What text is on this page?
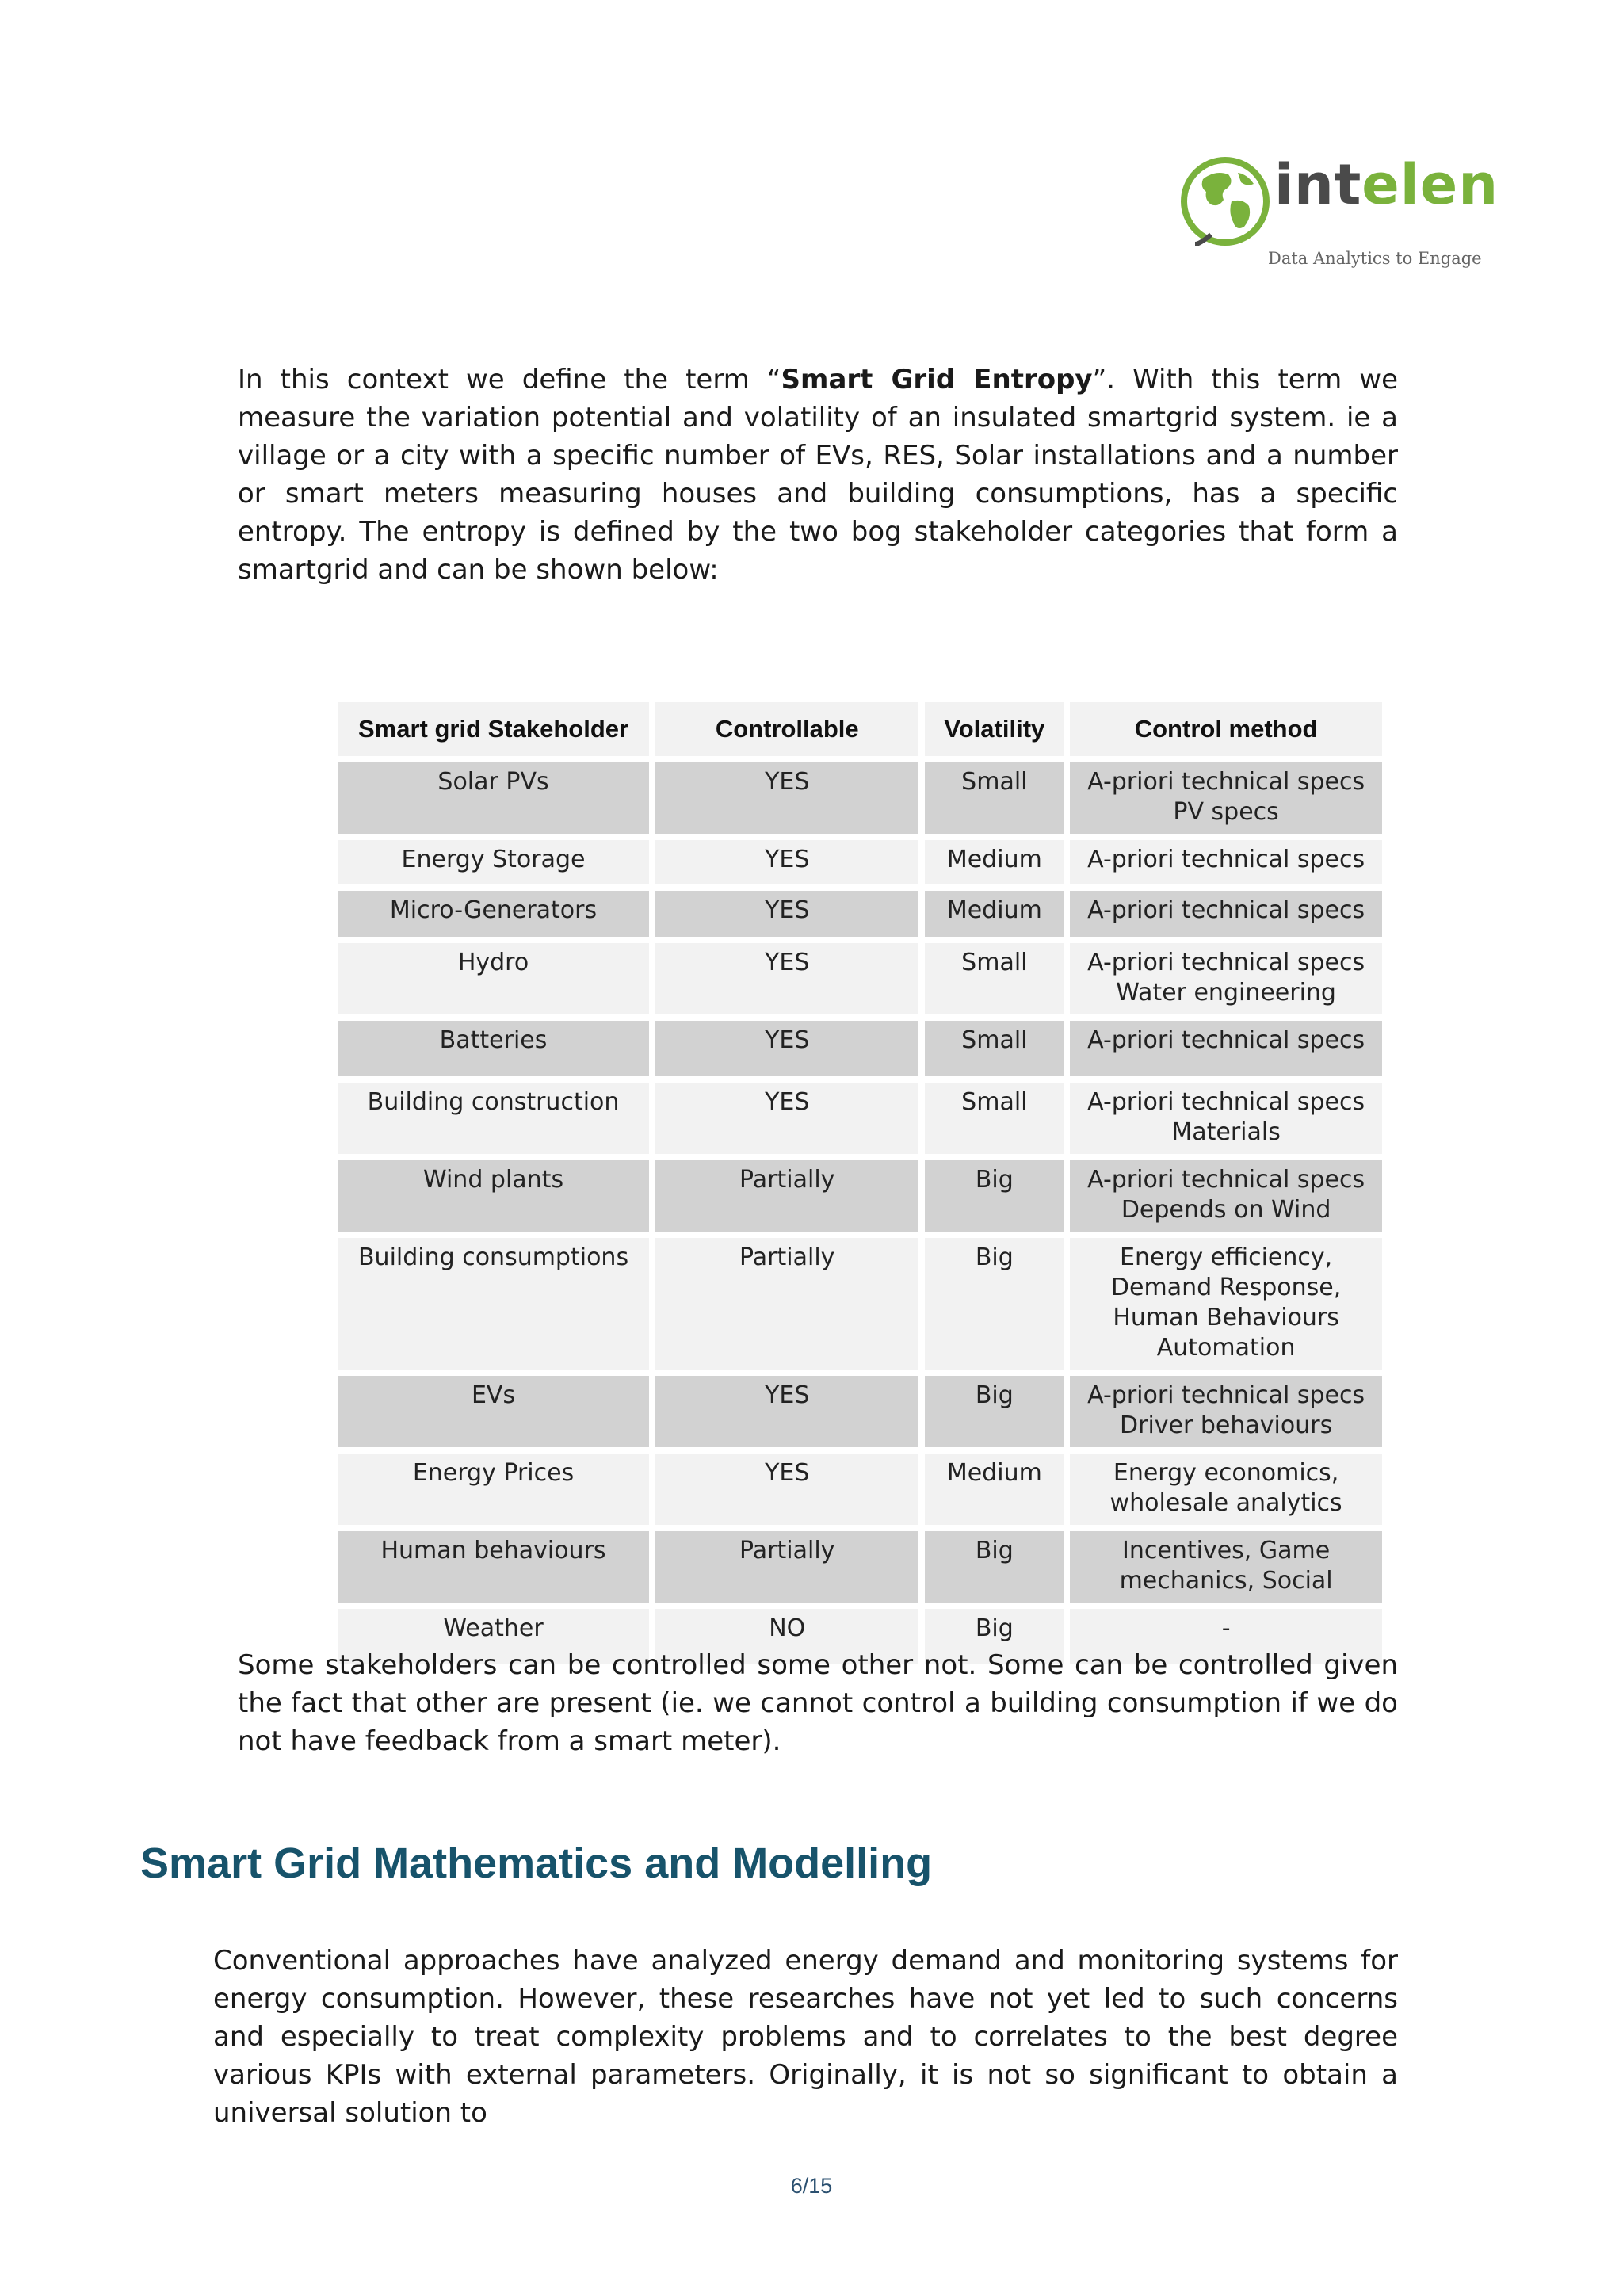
intelen
Data Analytics to Engage

In this context we define the term “Smart Grid Entropy”. With this term we measure the variation potential and volatility of an insulated smartgrid system. ie a village or a city with a specific number of EVs, RES, Solar installations and a number or smart meters measuring houses and building consumptions, has a specific entropy. The entropy is defined by the two bog stakeholder categories that form a smartgrid and can be shown below:

Smart grid Stakeholder	Controllable	Volatility	Control method
Solar PVs	YES	Small	A-priori technical specs
PV specs
Energy Storage	YES	Medium	A-priori technical specs
Micro-Generators	YES	Medium	A-priori technical specs
Hydro	YES	Small	A-priori technical specs
Water engineering
Batteries	YES	Small	A-priori technical specs
Building construction	YES	Small	A-priori technical specs
Materials
Wind plants	Partially	Big	A-priori technical specs
Depends on Wind
Building consumptions	Partially	Big	Energy efficiency,
Demand Response,
Human Behaviours
Automation
EVs	YES	Big	A-priori technical specs
Driver behaviours
Energy Prices	YES	Medium	Energy economics,
wholesale analytics
Human behaviours	Partially	Big	Incentives, Game
mechanics, Social
Weather	NO	Big	-

Some stakeholders can be controlled some other not. Some can be controlled given the fact that other are present (ie. we cannot control a building consumption if we do not have feedback from a smart meter).

Smart Grid Mathematics and Modelling

Conventional approaches have analyzed energy demand and monitoring systems for energy consumption. However, these researches have not yet led to such concerns and especially to treat complexity problems and to correlates to the best degree various KPIs with external parameters. Originally, it is not so significant to obtain a universal solution to

6/15
